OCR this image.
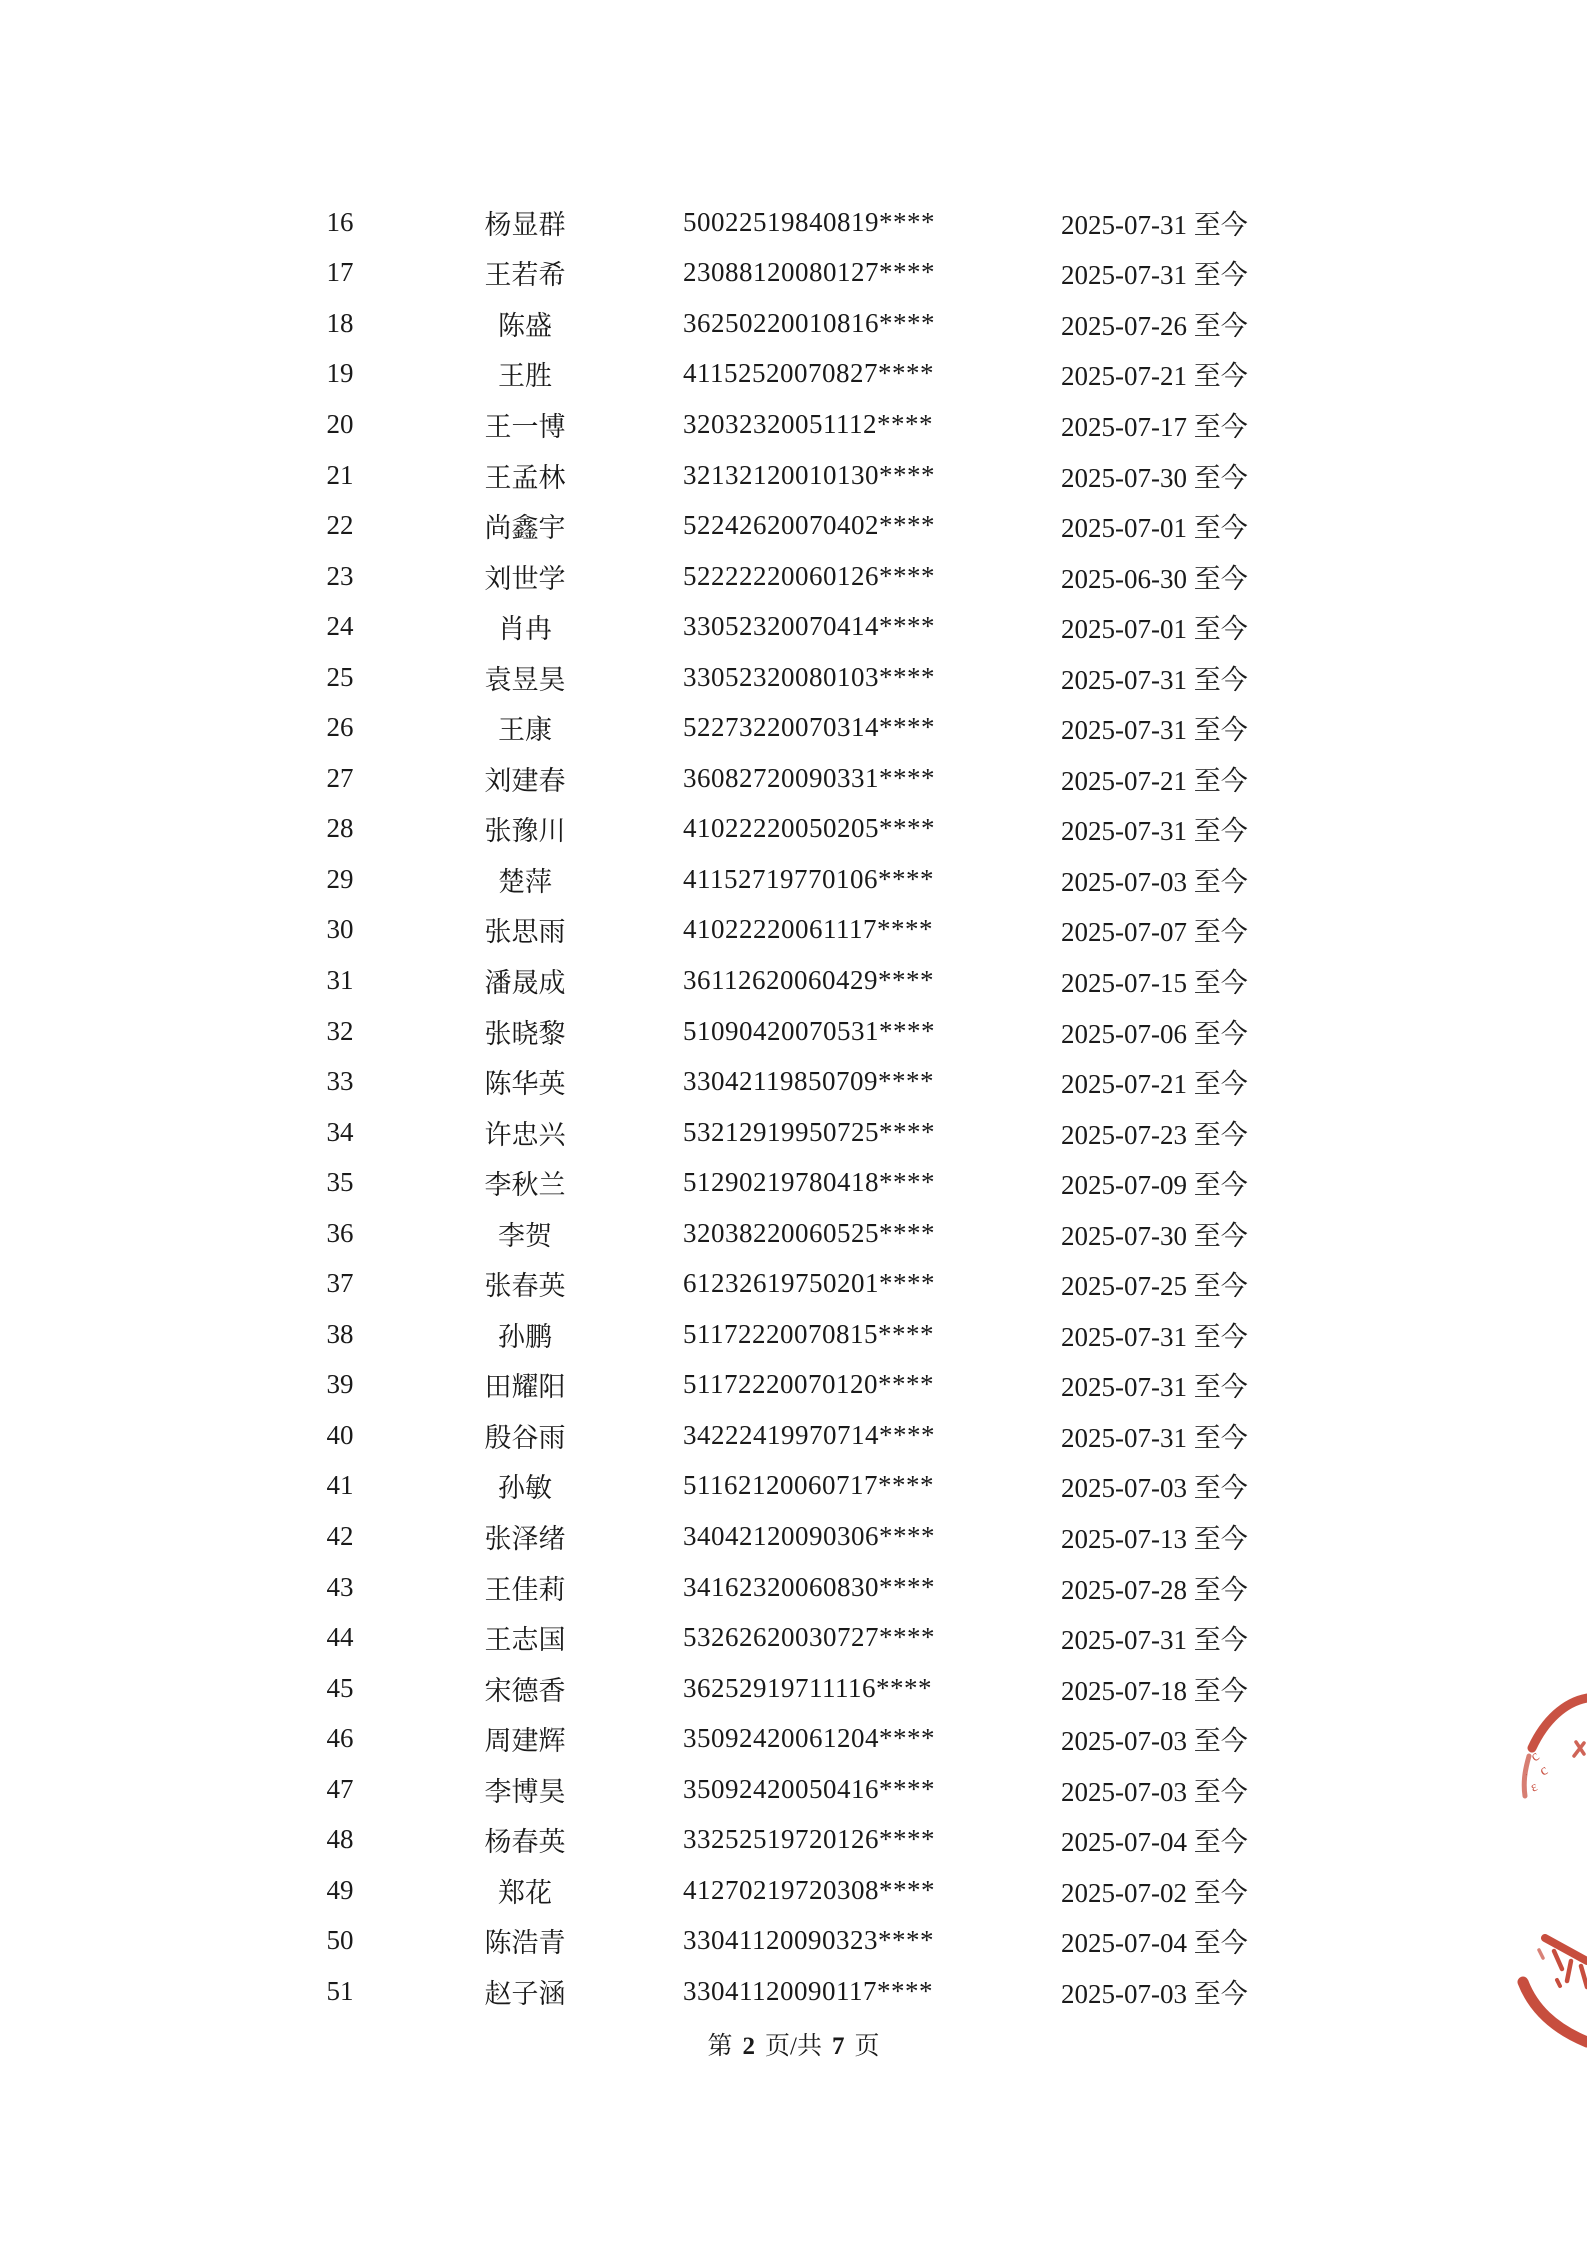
16	杨显群	50022519840819****	2025-07-31 至今
17	王若希	23088120080127****	2025-07-31 至今
18	陈盛	36250220010816****	2025-07-26 至今
19	王胜	41152520070827****	2025-07-21 至今
20	王一博	32032320051112****	2025-07-17 至今
21	王孟林	32132120010130****	2025-07-30 至今
22	尚鑫宇	52242620070402****	2025-07-01 至今
23	刘世学	52222220060126****	2025-06-30 至今
24	肖冉	33052320070414****	2025-07-01 至今
25	袁昱昊	33052320080103****	2025-07-31 至今
26	王康	52273220070314****	2025-07-31 至今
27	刘建春	36082720090331****	2025-07-21 至今
28	张豫川	41022220050205****	2025-07-31 至今
29	楚萍	41152719770106****	2025-07-03 至今
30	张思雨	41022220061117****	2025-07-07 至今
31	潘晟成	36112620060429****	2025-07-15 至今
32	张晓黎	51090420070531****	2025-07-06 至今
33	陈华英	33042119850709****	2025-07-21 至今
34	许忠兴	53212919950725****	2025-07-23 至今
35	李秋兰	51290219780418****	2025-07-09 至今
36	李贺	32038220060525****	2025-07-30 至今
37	张春英	61232619750201****	2025-07-25 至今
38	孙鹏	51172220070815****	2025-07-31 至今
39	田耀阳	51172220070120****	2025-07-31 至今
40	殷谷雨	34222419970714****	2025-07-31 至今
41	孙敏	51162120060717****	2025-07-03 至今
42	张泽绪	34042120090306****	2025-07-13 至今
43	王佳莉	34162320060830****	2025-07-28 至今
44	王志国	53262620030727****	2025-07-31 至今
45	宋德香	36252919711116****	2025-07-18 至今
46	周建辉	35092420061204****	2025-07-03 至今
47	李博昊	35092420050416****	2025-07-03 至今
48	杨春英	33252519720126****	2025-07-04 至今
49	郑花	41270219720308****	2025-07-02 至今
50	陈浩青	33041120090323****	2025-07-04 至今
51	赵子涵	33041120090117****	2025-07-03 至今
第 2 页/共 7 页
c
c
ε
·
